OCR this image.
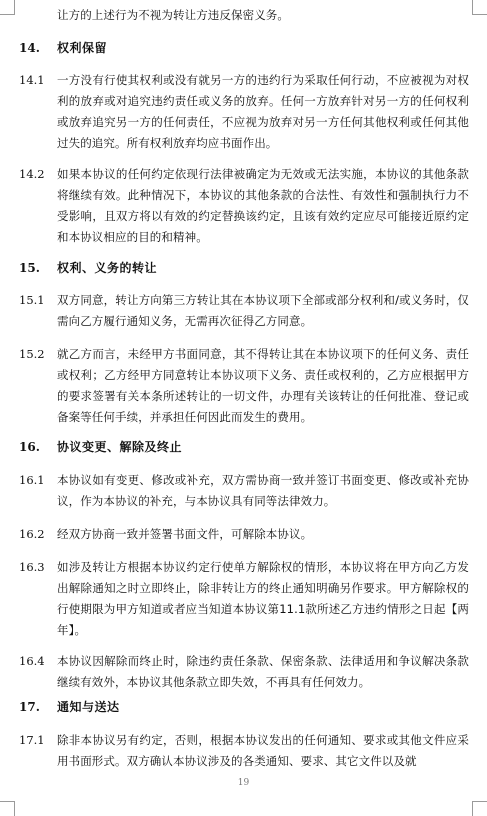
让方的上述行为不视为转让方违反保密义务。
14. 权利保留
14.1 一方没有行使其权利或没有就另一方的违约行为采取任何行动，不应被视为对权利的放弃或对追究违约责任或义务的放弃。任何一方放弃针对另一方的任何权利或放弃追究另一方的任何责任，不应视为放弃对另一方任何其他权利或任何其他过失的追究。所有权利放弃均应书面作出。
14.2 如果本协议的任何约定依现行法律被确定为无效或无法实施，本协议的其他条款将继续有效。此种情况下，本协议的其他条款的合法性、有效性和强制执行力不受影响，且双方将以有效的约定替换该约定，且该有效约定应尽可能接近原约定和本协议相应的目的和精神。
15. 权利、义务的转让
15.1 双方同意，转让方向第三方转让其在本协议项下全部或部分权利和/或义务时，仅需向乙方履行通知义务，无需再次征得乙方同意。
15.2 就乙方而言，未经甲方书面同意，其不得转让其在本协议项下的任何义务、责任或权利；乙方经甲方同意转让本协议项下义务、责任或权利的，乙方应根据甲方的要求签署有关本条所述转让的一切文件，办理有关该转让的任何批准、登记或备案等任何手续，并承担任何因此而发生的费用。
16. 协议变更、解除及终止
16.1 本协议如有变更、修改或补充，双方需协商一致并签订书面变更、修改或补充协议，作为本协议的补充，与本协议具有同等法律效力。
16.2 经双方协商一致并签署书面文件，可解除本协议。
16.3 如涉及转让方根据本协议约定行使单方解除权的情形，本协议将在甲方向乙方发出解除通知之时立即终止，除非转让方的终止通知明确另作要求。甲方解除权的行使期限为甲方知道或者应当知道本协议第11.1款所述乙方违约情形之日起【两年】。
16.4 本协议因解除而终止时，除违约责任条款、保密条款、法律适用和争议解决条款继续有效外，本协议其他条款立即失效，不再具有任何效力。
17. 通知与送达
17.1 除非本协议另有约定，否则，根据本协议发出的任何通知、要求或其他文件应采用书面形式。双方确认本协议涉及的各类通知、要求、其它文件以及就
19
